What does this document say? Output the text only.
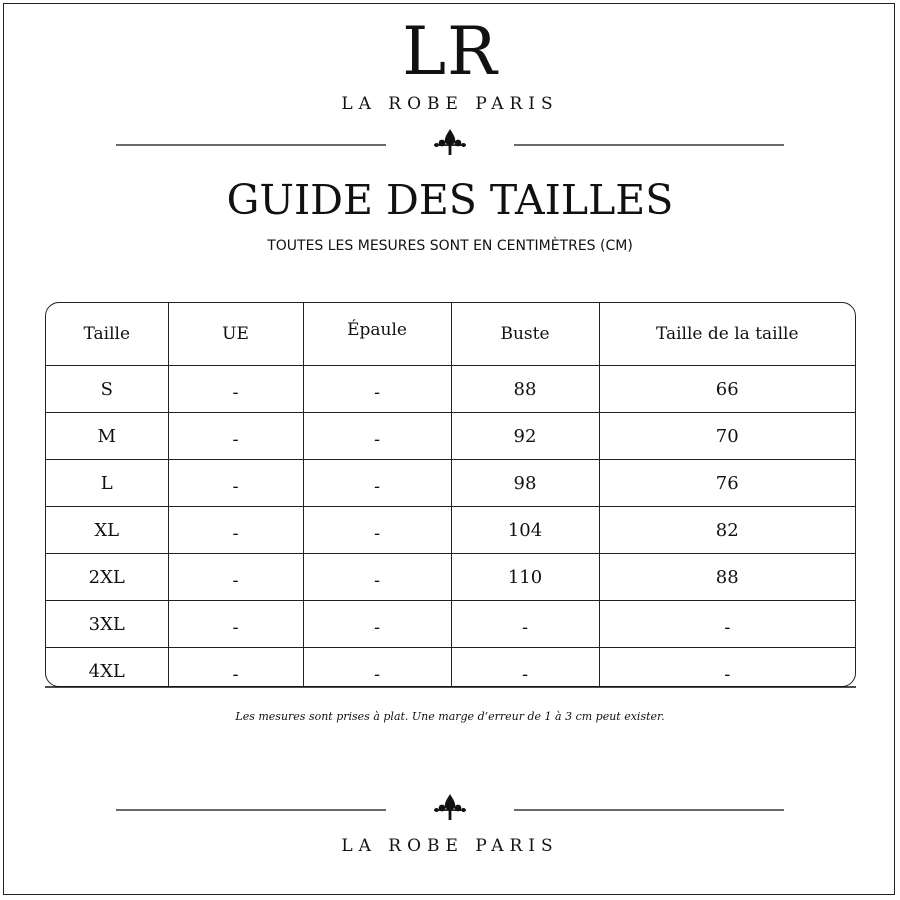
LR
LA ROBE PARIS
GUIDE DES TAILLES
TOUTES LES MESURES SONT EN CENTIMÈTRES (CM)
Taille	UE	Épaule	Buste	Taille de la taille
S	-	-	88	66
M	-	-	92	70
L	-	-	98	76
XL	-	-	104	82
2XL	-	-	110	88
3XL	-	-	-	-
4XL	-	-	-	-

Les mesures sont prises à plat. Une marge d’erreur de 1 à 3 cm peut exister.
LA ROBE PARIS
